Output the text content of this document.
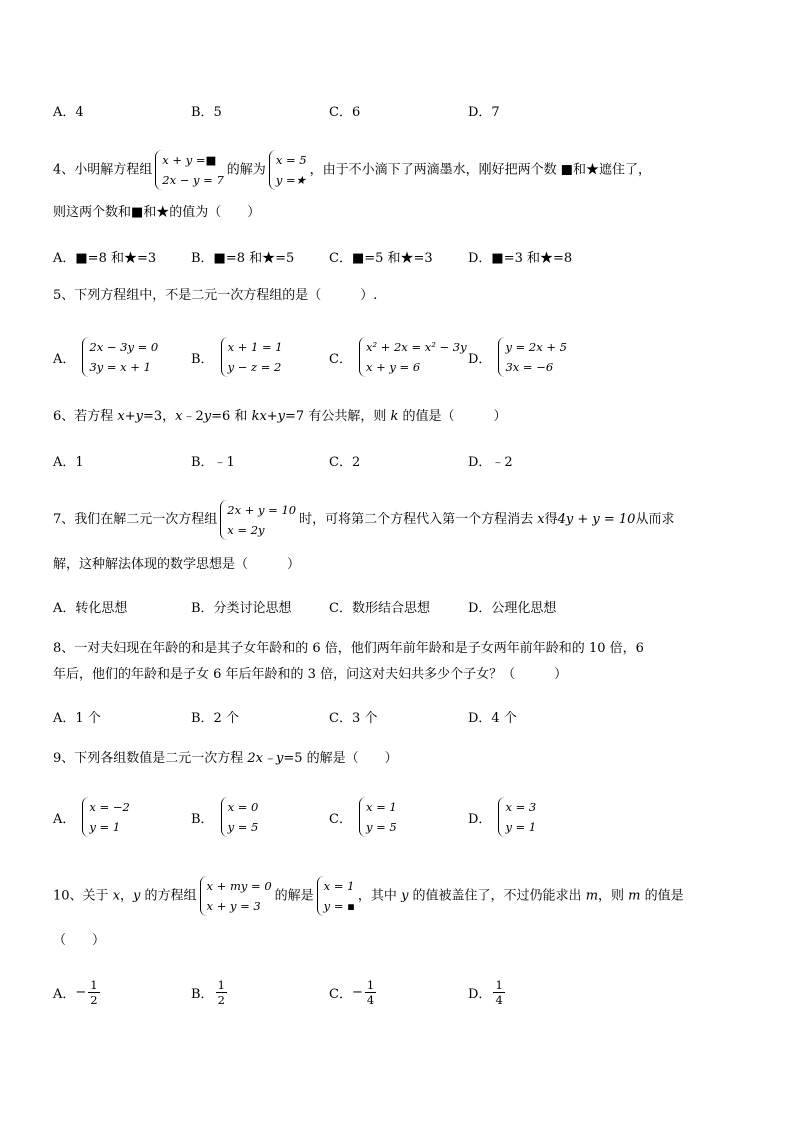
A．4	B．5	C．6	D．7
4、小明解方程组
x + y =■
2x − y = 7
的解为
x = 5
y =★
，由于不小滴下了两滴墨水，刚好把两个数 ■和★遮住了，
则这两个数和■和★的值为（　　）
A．■=8 和★=3	B．■=8 和★=5	C．■=5 和★=3	D．■=3 和★=8
5、下列方程组中，不是二元一次方程组的是（　　　）.
A．
2x − 3y = 0
3y = x + 1
B．
x + 1 = 1
y − z = 2
C．
x² + 2x = x² − 3y
x + y = 6
D．
y = 2x + 5
3x = −6
6、若方程 x+y=3，x﹣2y=6 和 kx+y=7 有公共解，则 k 的值是（　　　）
A．1	B．﹣1	C．2	D．﹣2
7、我们在解二元一次方程组
2x + y = 10
x = 2y
时，可将第二个方程代入第一个方程消去 x得4y + y = 10从而求
解，这种解法体现的数学思想是（　　　）
A．转化思想	B．分类讨论思想	C．数形结合思想	D．公理化思想
8、一对夫妇现在年龄的和是其子女年龄和的 6 倍，他们两年前年龄和是子女两年前年龄和的 10 倍，6
年后，他们的年龄和是子女 6 年后年龄和的 3 倍，问这对夫妇共多少个子女？（　　　）
A．1 个	B．2 个	C．3 个	D．4 个
9、下列各组数值是二元一次方程 2x﹣y=5 的解是（　　）
A．
x = −2
y = 1
B．
x = 0
y = 5
C．
x = 1
y = 5
D．
x = 3
y = 1
10、关于 x，y 的方程组
x + my = 0
x + y = 3
的解是
x = 1
y = ▪
，其中 y 的值被盖住了，不过仍能求出 m，则 m 的值是
（　　）
A． − $\frac{1}{2}$	B． $\frac{1}{2}$	C． − $\frac{1}{4}$	D． $\frac{1}{4}$
